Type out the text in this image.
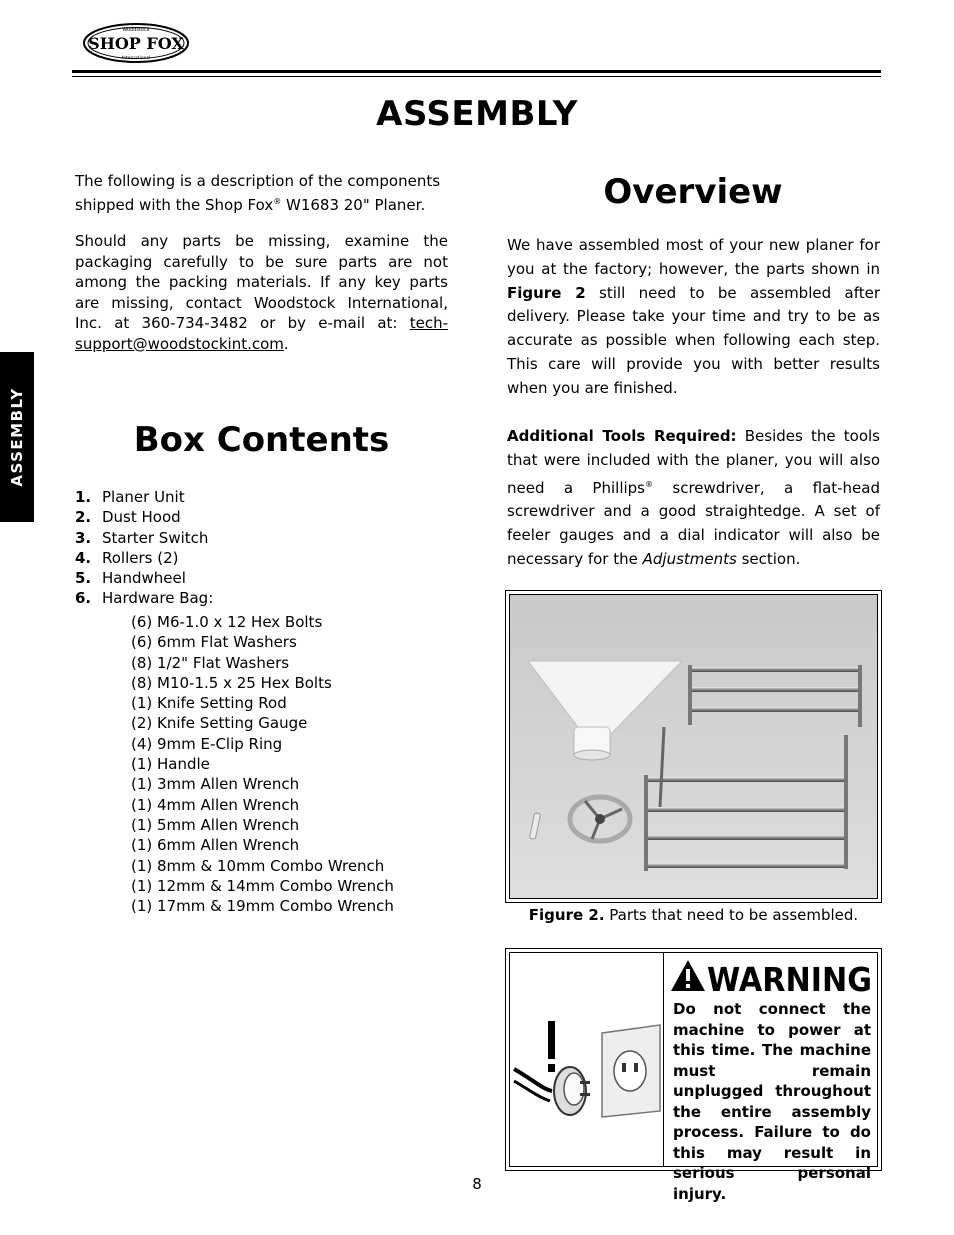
Woodstock
SHOP FOX
International
ASSEMBLY
ASSEMBLY
The following is a description of the components shipped with the Shop Fox® W1683 20" Planer.
Should any parts be missing, examine the packaging carefully to be sure parts are not among the packing materials. If any key parts are missing, contact Woodstock International, Inc. at 360-734-3482 or by e-mail at: tech-support@woodstockint.com.
Box Contents
1. Planer Unit
2. Dust Hood
3. Starter Switch
4. Rollers (2)
5. Handwheel
6. Hardware Bag:
(6) M6-1.0 x 12 Hex Bolts
(6) 6mm Flat Washers
(8) 1/2" Flat Washers
(8) M10-1.5 x 25 Hex Bolts
(1) Knife Setting Rod
(2) Knife Setting Gauge
(4) 9mm E-Clip Ring
(1) Handle
(1) 3mm Allen Wrench
(1) 4mm Allen Wrench
(1) 5mm Allen Wrench
(1) 6mm Allen Wrench
(1) 8mm & 10mm Combo Wrench
(1) 12mm & 14mm Combo Wrench
(1) 17mm & 19mm Combo Wrench
Overview
We have assembled most of your new planer for you at the factory; however, the parts shown in Figure 2 still need to be assembled after delivery. Please take your time and try to be as accurate as possible when following each step. This care will provide you with better results when you are finished.
Additional Tools Required: Besides the tools that were included with the planer, you will also need a Phillips® screwdriver, a flat-head screwdriver and a good straightedge. A set of feeler gauges and a dial indicator will also be necessary for the Adjustments section.
Figure 2. Parts that need to be assembled.
WARNING
Do not connect the machine to power at this time. The machine must remain unplugged throughout the entire assembly process. Failure to do this may result in serious personal injury.
8
